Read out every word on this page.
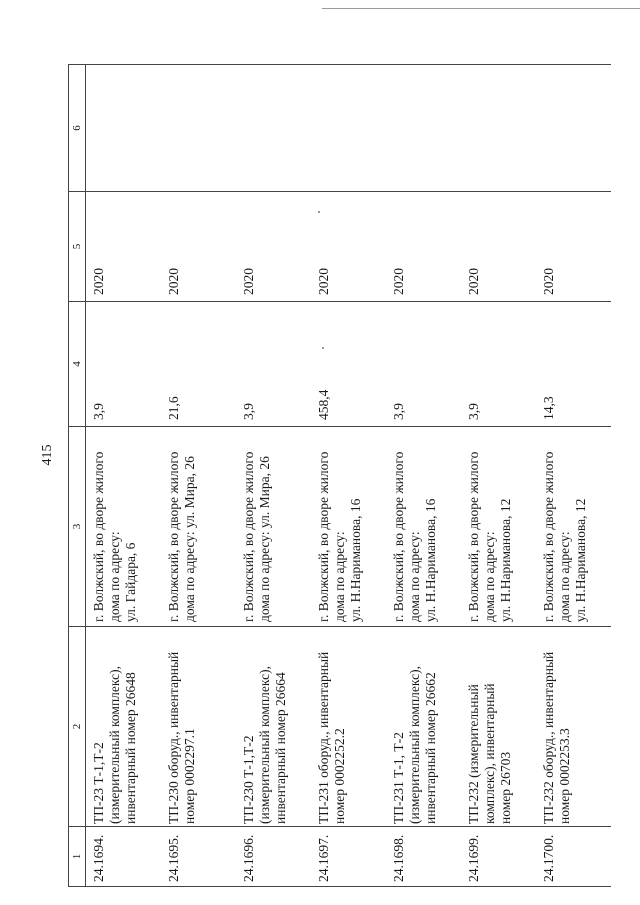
415
1	2	3	4	5	6
24.1694.	ТП-23 Т-1,Т-2
(измерительный комплекс),
инвентарный номер 26648	г. Волжский, во дворе жилого
дома по адресу:
ул. Гайдара, 6	3,9	2020	
24.1695.	ТП-230 оборуд., инвентарный
номер 0002297.1	г. Волжский, во дворе жилого
дома по адресу: ул. Мира, 26	21,6	2020	
24.1696.	ТП-230 Т-1,Т-2
(измерительный комплекс),
инвентарный номер 26664	г. Волжский, во дворе жилого
дома по адресу: ул. Мира, 26	3,9	2020	
24.1697.	ТП-231 оборуд., инвентарный
номер 0002252.2	г. Волжский, во дворе жилого
дома по адресу:
ул. Н.Нариманова, 16	458,4	2020	
24.1698.	ТП-231 Т-1, Т-2
(измерительный комплекс),
инвентарный номер 26662	г. Волжский, во дворе жилого
дома по адресу:
ул. Н.Нариманова, 16	3,9	2020	
24.1699.	ТП-232 (измерительный
комплекс), инвентарный
номер 26703	г. Волжский, во дворе жилого
дома по адресу:
ул. Н.Нариманова, 12	3,9	2020	
24.1700.	ТП-232 оборуд., инвентарный
номер 0002253.3	г. Волжский, во дворе жилого
дома по адресу:
ул. Н.Нариманова, 12	14,3	2020	
